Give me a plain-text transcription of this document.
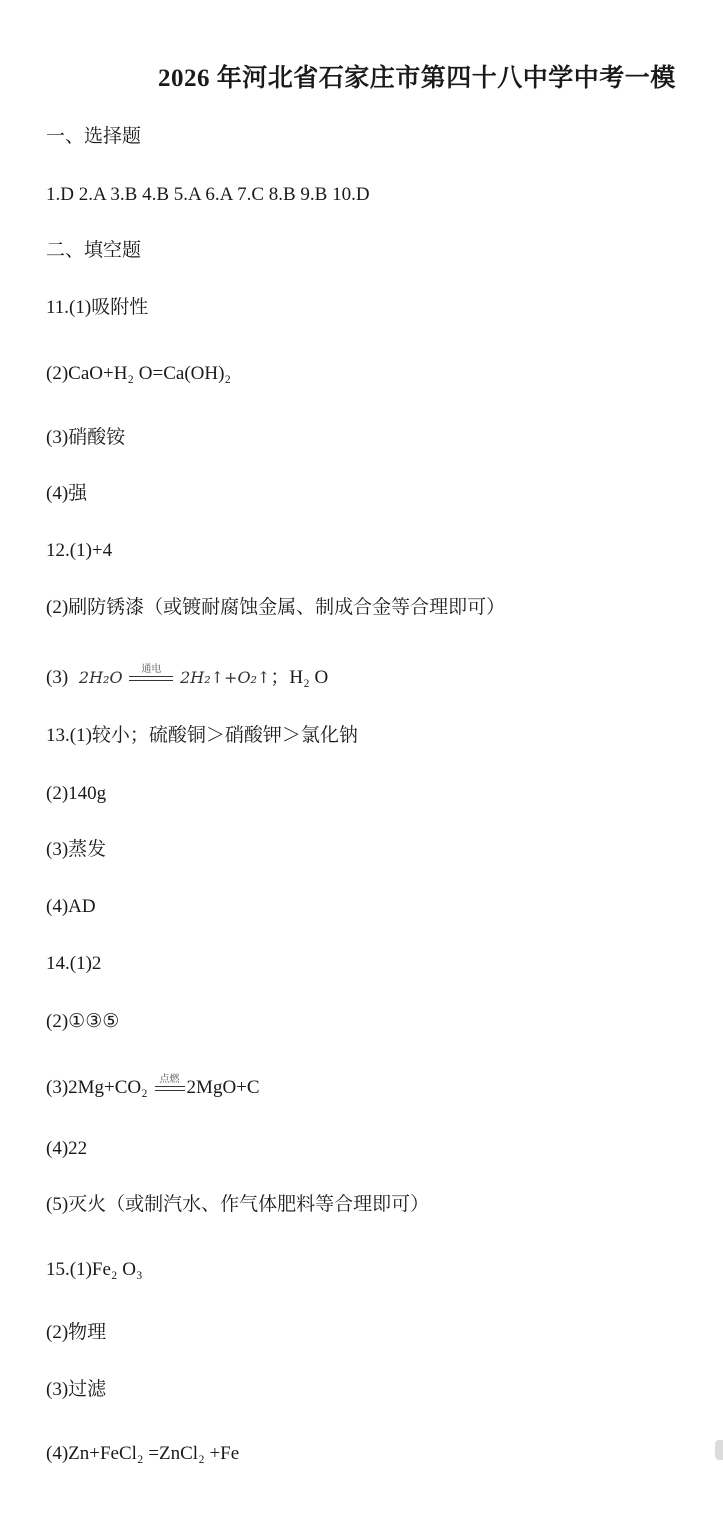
2026 年河北省石家庄市第四十八中学中考一模
一、选择题
1.D 2.A 3.B 4.B 5.A 6.A 7.C 8.B 9.B 10.D
二、填空题
11.(1)吸附性
(2)CaO+H₂ O=Ca(OH)₂
(3)硝酸铵
(4)强
12.(1)+4
(2)刷防锈漆（或镀耐腐蚀金属、制成合金等合理即可）
(3) 2H₂O	通电	2H₂↑+O₂↑；H₂ O
13.(1)较小；硫酸铜＞硝酸钾＞氯化钠
(2)140g
(3)蒸发
(4)AD
14.(1)2
(2)①③⑤
(3)2Mg+CO₂	点燃 2MgO+C
(4)22
(5)灭火（或制汽水、作气体肥料等合理即可）
15.(1)Fe₂ O₃
(2)物理
(3)过滤
(4)Zn+FeCl₂ =ZnCl₂ +Fe
